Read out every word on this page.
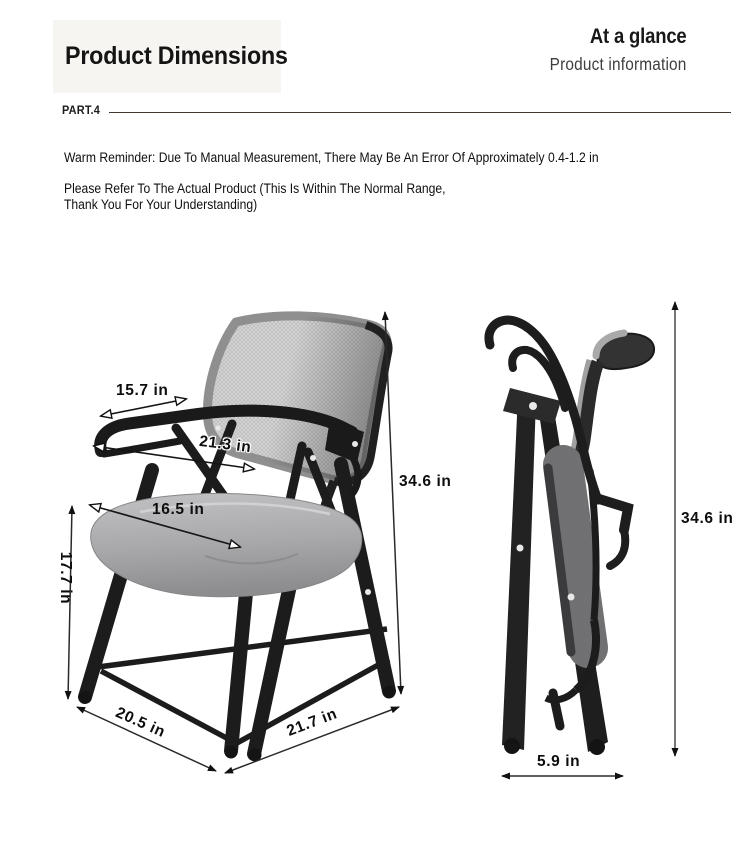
Product Dimensions
At a glance
Product information
PART.4

Warm Reminder: Due To Manual Measurement, There May Be An Error Of Approximately 0.4-1.2 in

Please Refer To The Actual Product (This Is Within The Normal Range,

Thank You For Your Understanding)

15.7 in
21.3 in
16.5 in
17.7 in
34.6 in
20.5 in	21.7 in
34.6 in
5.9 in
